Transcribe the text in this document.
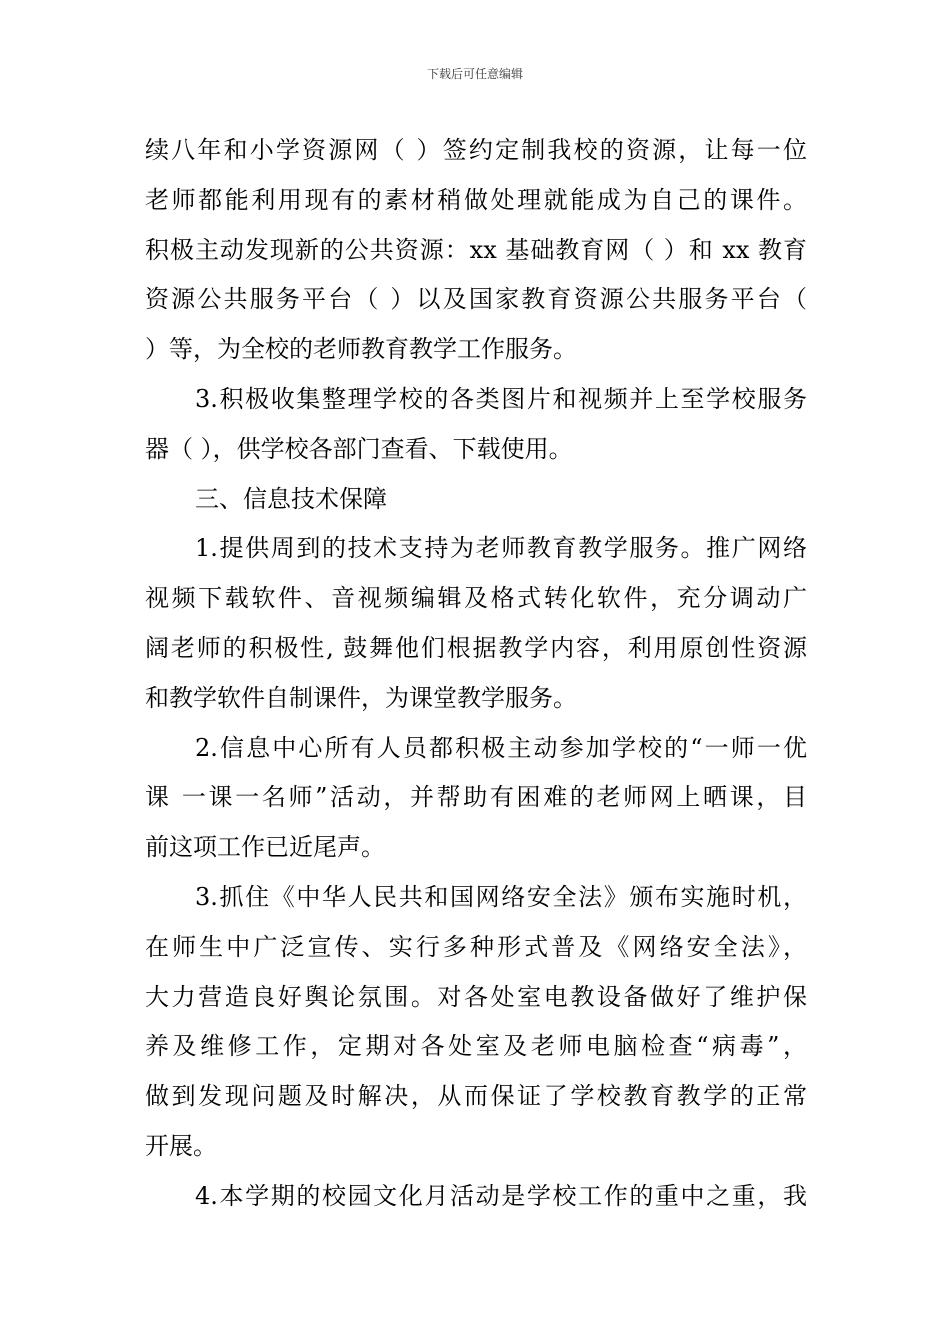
下载后可任意编辑
续八年和小学资源网（ ）签约定制我校的资源，让每一位
老师都能利用现有的素材稍做处理就能成为自己的课件。
积极主动发现新的公共资源：xx 基础教育网（ ）和 xx 教育
资源公共服务平台（ ）以及国家教育资源公共服务平台（
）等，为全校的老师教育教学工作服务。
3.积极收集整理学校的各类图片和视频并上至学校服务
器（ ），供学校各部门查看、下载使用。
三、信息技术保障
1.提供周到的技术支持为老师教育教学服务。推广网络
视频下载软件、音视频编辑及格式转化软件，充分调动广
阔老师的积极性, 鼓舞他们根据教学内容，利用原创性资源
和教学软件自制课件，为课堂教学服务。
2.信息中心所有人员都积极主动参加学校的“一师一优
课 一课一名师”活动，并帮助有困难的老师网上晒课，目
前这项工作已近尾声。
3.抓住《中华人民共和国网络安全法》颁布实施时机，
在师生中广泛宣传、实行多种形式普及《网络安全法》，
大力营造良好舆论氛围。对各处室电教设备做好了维护保
养及维修工作，定期对各处室及老师电脑检查“病毒”，
做到发现问题及时解决，从而保证了学校教育教学的正常
开展。
4.本学期的校园文化月活动是学校工作的重中之重，我
